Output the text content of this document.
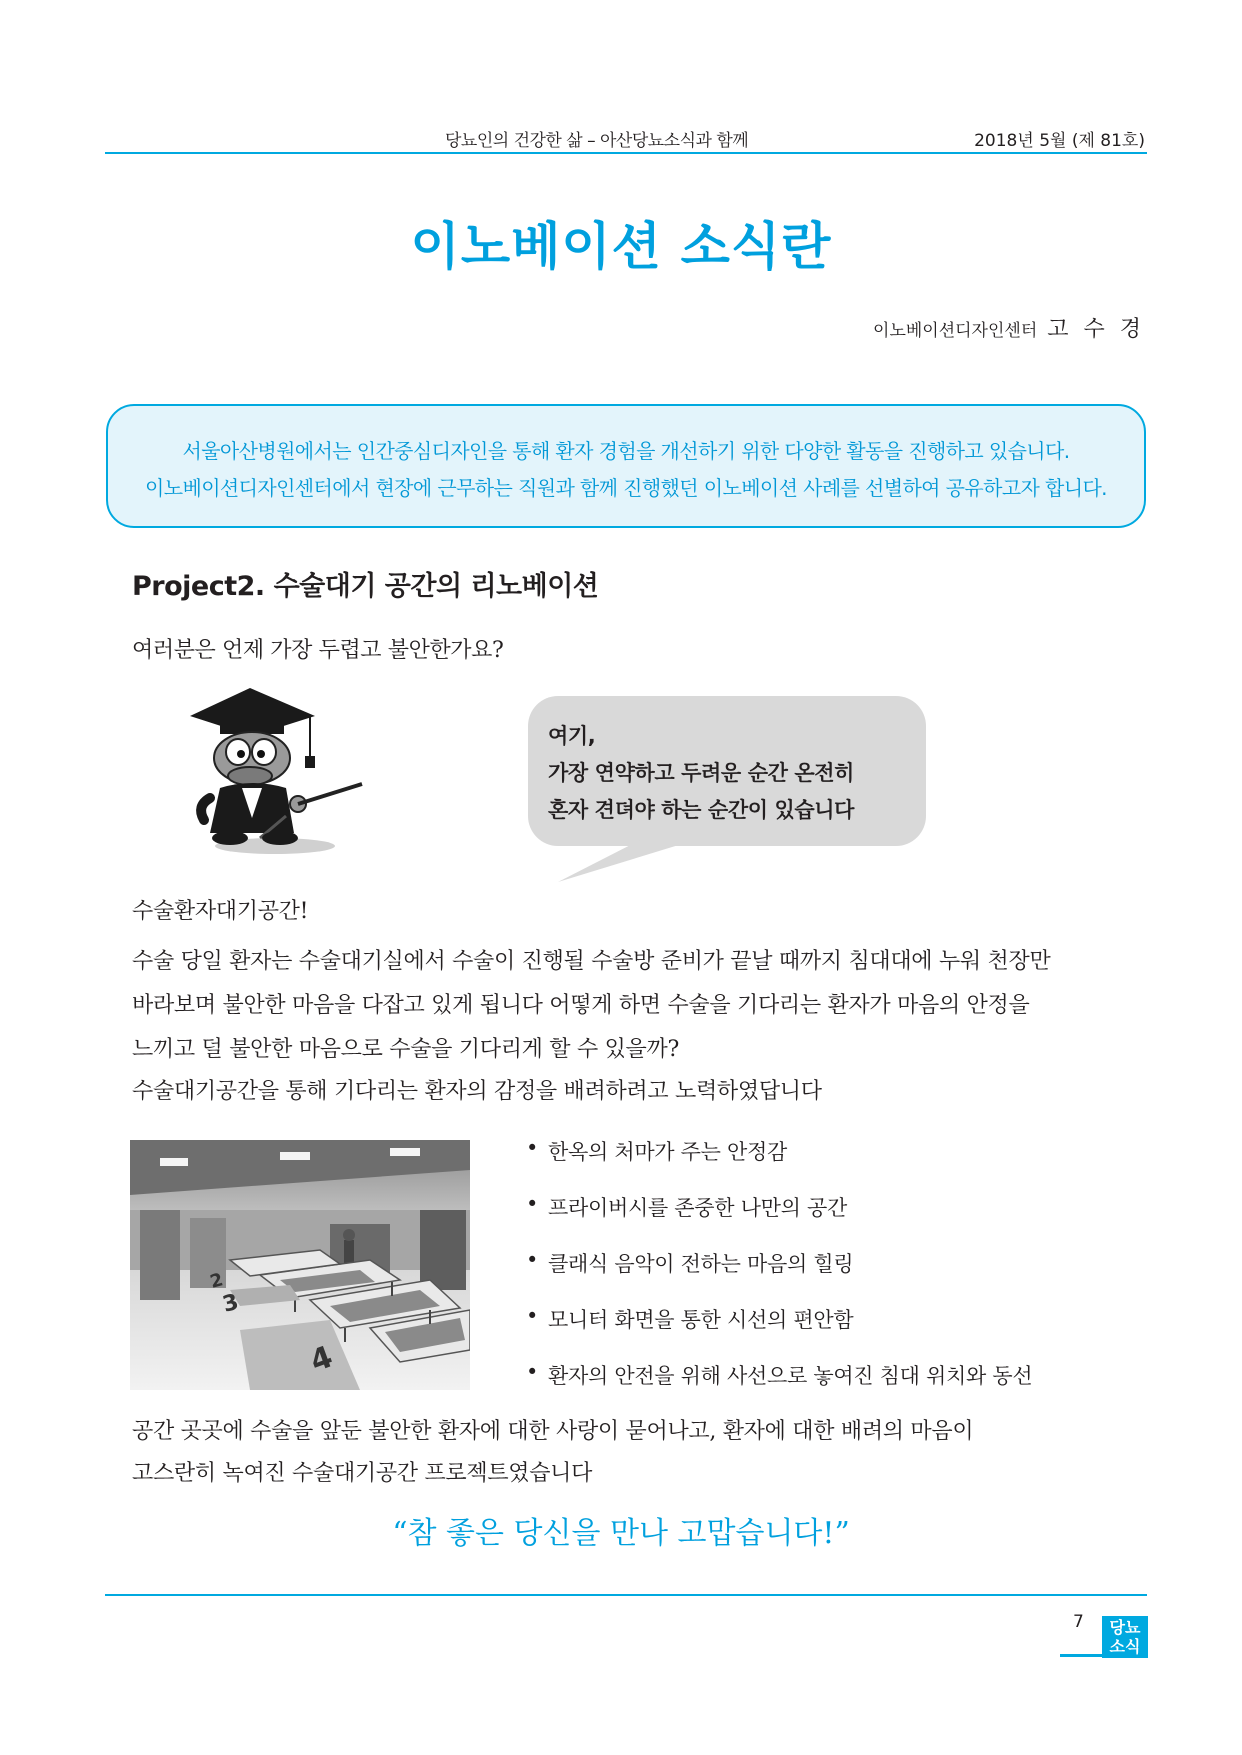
당뇨인의 건강한 삶 – 아산당뇨소식과 함께	2018년 5월 (제 81호)
이노베이션 소식란
이노베이션디자인센터 고 수 경

서울아산병원에서는 인간중심디자인을 통해 환자 경험을 개선하기 위한 다양한 활동을 진행하고 있습니다.

이노베이션디자인센터에서 현장에 근무하는 직원과 함께 진행했던 이노베이션 사례를 선별하여 공유하고자 합니다.

Project2. 수술대기 공간의 리노베이션
여러분은 언제 가장 두렵고 불안한가요?
여기,
가장 연약하고 두려운 순간 온전히
혼자 견뎌야 하는 순간이 있습니다
수술환자대기공간!
수술 당일 환자는 수술대기실에서 수술이 진행될 수술방 준비가 끝날 때까지 침대대에 누워 천장만
바라보며 불안한 마음을 다잡고 있게 됩니다 어떻게 하면 수술을 기다리는 환자가 마음의 안정을
느끼고 덜 불안한 마음으로 수술을 기다리게 할 수 있을까?
수술대기공간을 통해 기다리는 환자의 감정을 배려하려고 노력하였답니다
2
3
4
• 한옥의 처마가 주는 안정감
• 프라이버시를 존중한 나만의 공간
• 클래식 음악이 전하는 마음의 힐링
• 모니터 화면을 통한 시선의 편안함
• 환자의 안전을 위해 사선으로 놓여진 침대 위치와 동선
공간 곳곳에 수술을 앞둔 불안한 환자에 대한 사랑이 묻어나고, 환자에 대한 배려의 마음이
고스란히 녹여진 수술대기공간 프로젝트였습니다
“참 좋은 당신을 만나 고맙습니다!”
7	당뇨
소식
